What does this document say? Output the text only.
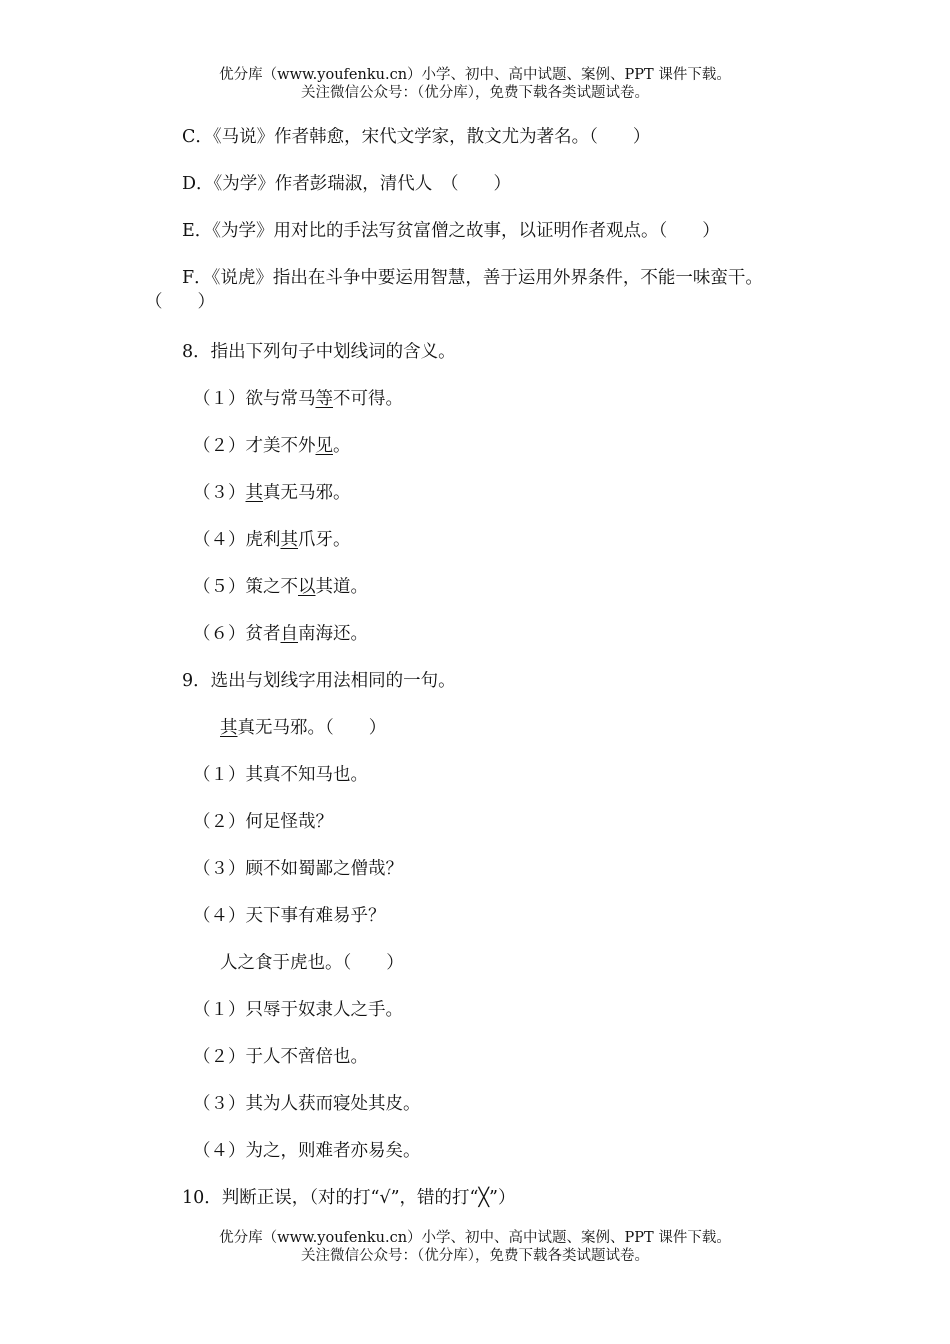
优分库（www.youfenku.cn）小学、初中、高中试题、案例、PPT 课件下载。
关注微信公众号：（优分库），免费下载各类试题试卷。
C．《马说》作者韩愈，宋代文学家，散文尤为著名。（　　）
D．《为学》作者彭瑞淑，清代人　（　　）
E．《为学》用对比的手法写贫富僧之故事，以证明作者观点。（　　）
F．《说虎》指出在斗争中要运用智慧，善于运用外界条件，不能一味蛮干。（　　）
8．指出下列句子中划线词的含义。
（１）欲与常马等不可得。
（２）才美不外见。
（３）其真无马邪。
（４）虎利其爪牙。
（５）策之不以其道。
（６）贫者自南海还。
9．选出与划线字用法相同的一句。
其真无马邪。（　　）
（１）其真不知马也。
（２）何足怪哉？
（３）顾不如蜀鄙之僧哉？
（４）天下事有难易乎？
人之食于虎也。（　　）
（１）只辱于奴隶人之手。
（２）于人不啻倍也。
（３）其为人获而寝处其皮。
（４）为之，则难者亦易矣。
10．判断正误，（对的打“√”，错的打“╳”）
优分库（www.youfenku.cn）小学、初中、高中试题、案例、PPT 课件下载。
关注微信公众号：（优分库），免费下载各类试题试卷。
